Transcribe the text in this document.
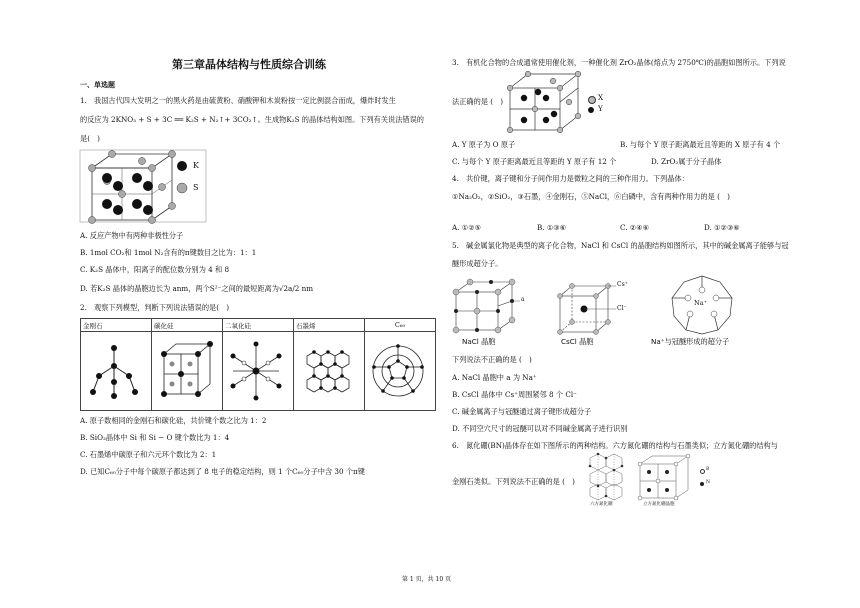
第三章晶体结构与性质综合训练
一、单选题
1.　我国古代四大发明之一的黑火药是由硫黄粉、硝酸钾和木炭粉按一定比例混合而成，爆炸时发生
的反应为 2KNO₃ + S + 3C ══ K₂S + N₂↑+ 3CO₂↑。生成物K₂S 的晶体结构如图。下列有关说法错误的
是(　)
K
S
A. 反应产物中有两种非极性分子
B. 1mol CO₂和 1mol N₂含有的π键数目之比为：1：1
C. K₂S 晶体中，阳离子的配位数分别为 4 和 8
D. 若K₂S 晶体的晶胞边长为 anm，两个S²⁻之间的最短距离为√2a/2 nm
2.　观察下列模型，判断下列说法错误的是(　)
金刚石	碳化硅	二氧化硅	石墨烯	C₆₀

A. 原子数相同的金刚石和碳化硅，共价键个数之比为 1：2
B. SiO₂晶体中 Si 和 Si − O 键个数比为 1：4
C. 石墨烯中碳原子和六元环个数比为 2：1
D. 已知C₆₀分子中每个碳原子都达到了 8 电子的稳定结构，则 1 个C₆₀分子中含 30 个π键
3.　有机化合物的合成通常使用催化剂，一种催化剂 ZrO₂晶体(熔点为 2750℃)的晶胞如图所示。下列说
X
Y
法正确的是 (　)
A. Y 原子为 O 原子	B. 与每个 Y 原子距离最近且等距的 X 原子有 4 个
C. 与每个 Y 原子距离最近且等距的 Y 原子有 12 个	D. ZrO₂属于分子晶体
4.　共价键，离子键和分子间作用力是微粒之间的三种作用力。下列晶体：
①Na₂O₂，②SiO₂，③石墨，④金刚石，⑤NaCl，⑥白磷中，含有两种作用力的是 (　)
A. ①②⑤	B. ①③⑥	C. ②④⑥	D. ①②③⑥
5.　碱金属氯化物是典型的离子化合物，NaCl 和 CsCl 的晶胞结构如图所示，其中的碱金属离子能够与冠
醚形成超分子。
a
NaCl 晶胞
Cs⁺
Cl⁻
CsCl 晶胞
Na⁺
Na⁺与冠醚形成的超分子
下列说法不正确的是 (　)
A. NaCl 晶胞中 a 为 Na⁺
B. CsCl 晶体中 Cs⁺周围紧邻 8 个 Cl⁻
C. 碱金属离子与冠醚通过离子键形成超分子
D. 不同空穴尺寸的冠醚可以对不同碱金属离子进行识别
6.　氮化硼(BN)晶体存在如下图所示的两种结构。六方氮化硼的结构与石墨类似；立方氮化硼的结构与
金刚石类似。下列说法不正确的是 (　)
六方氮化硼	立方氮化硼晶胞
B
N
第 1 页，共 10 页
